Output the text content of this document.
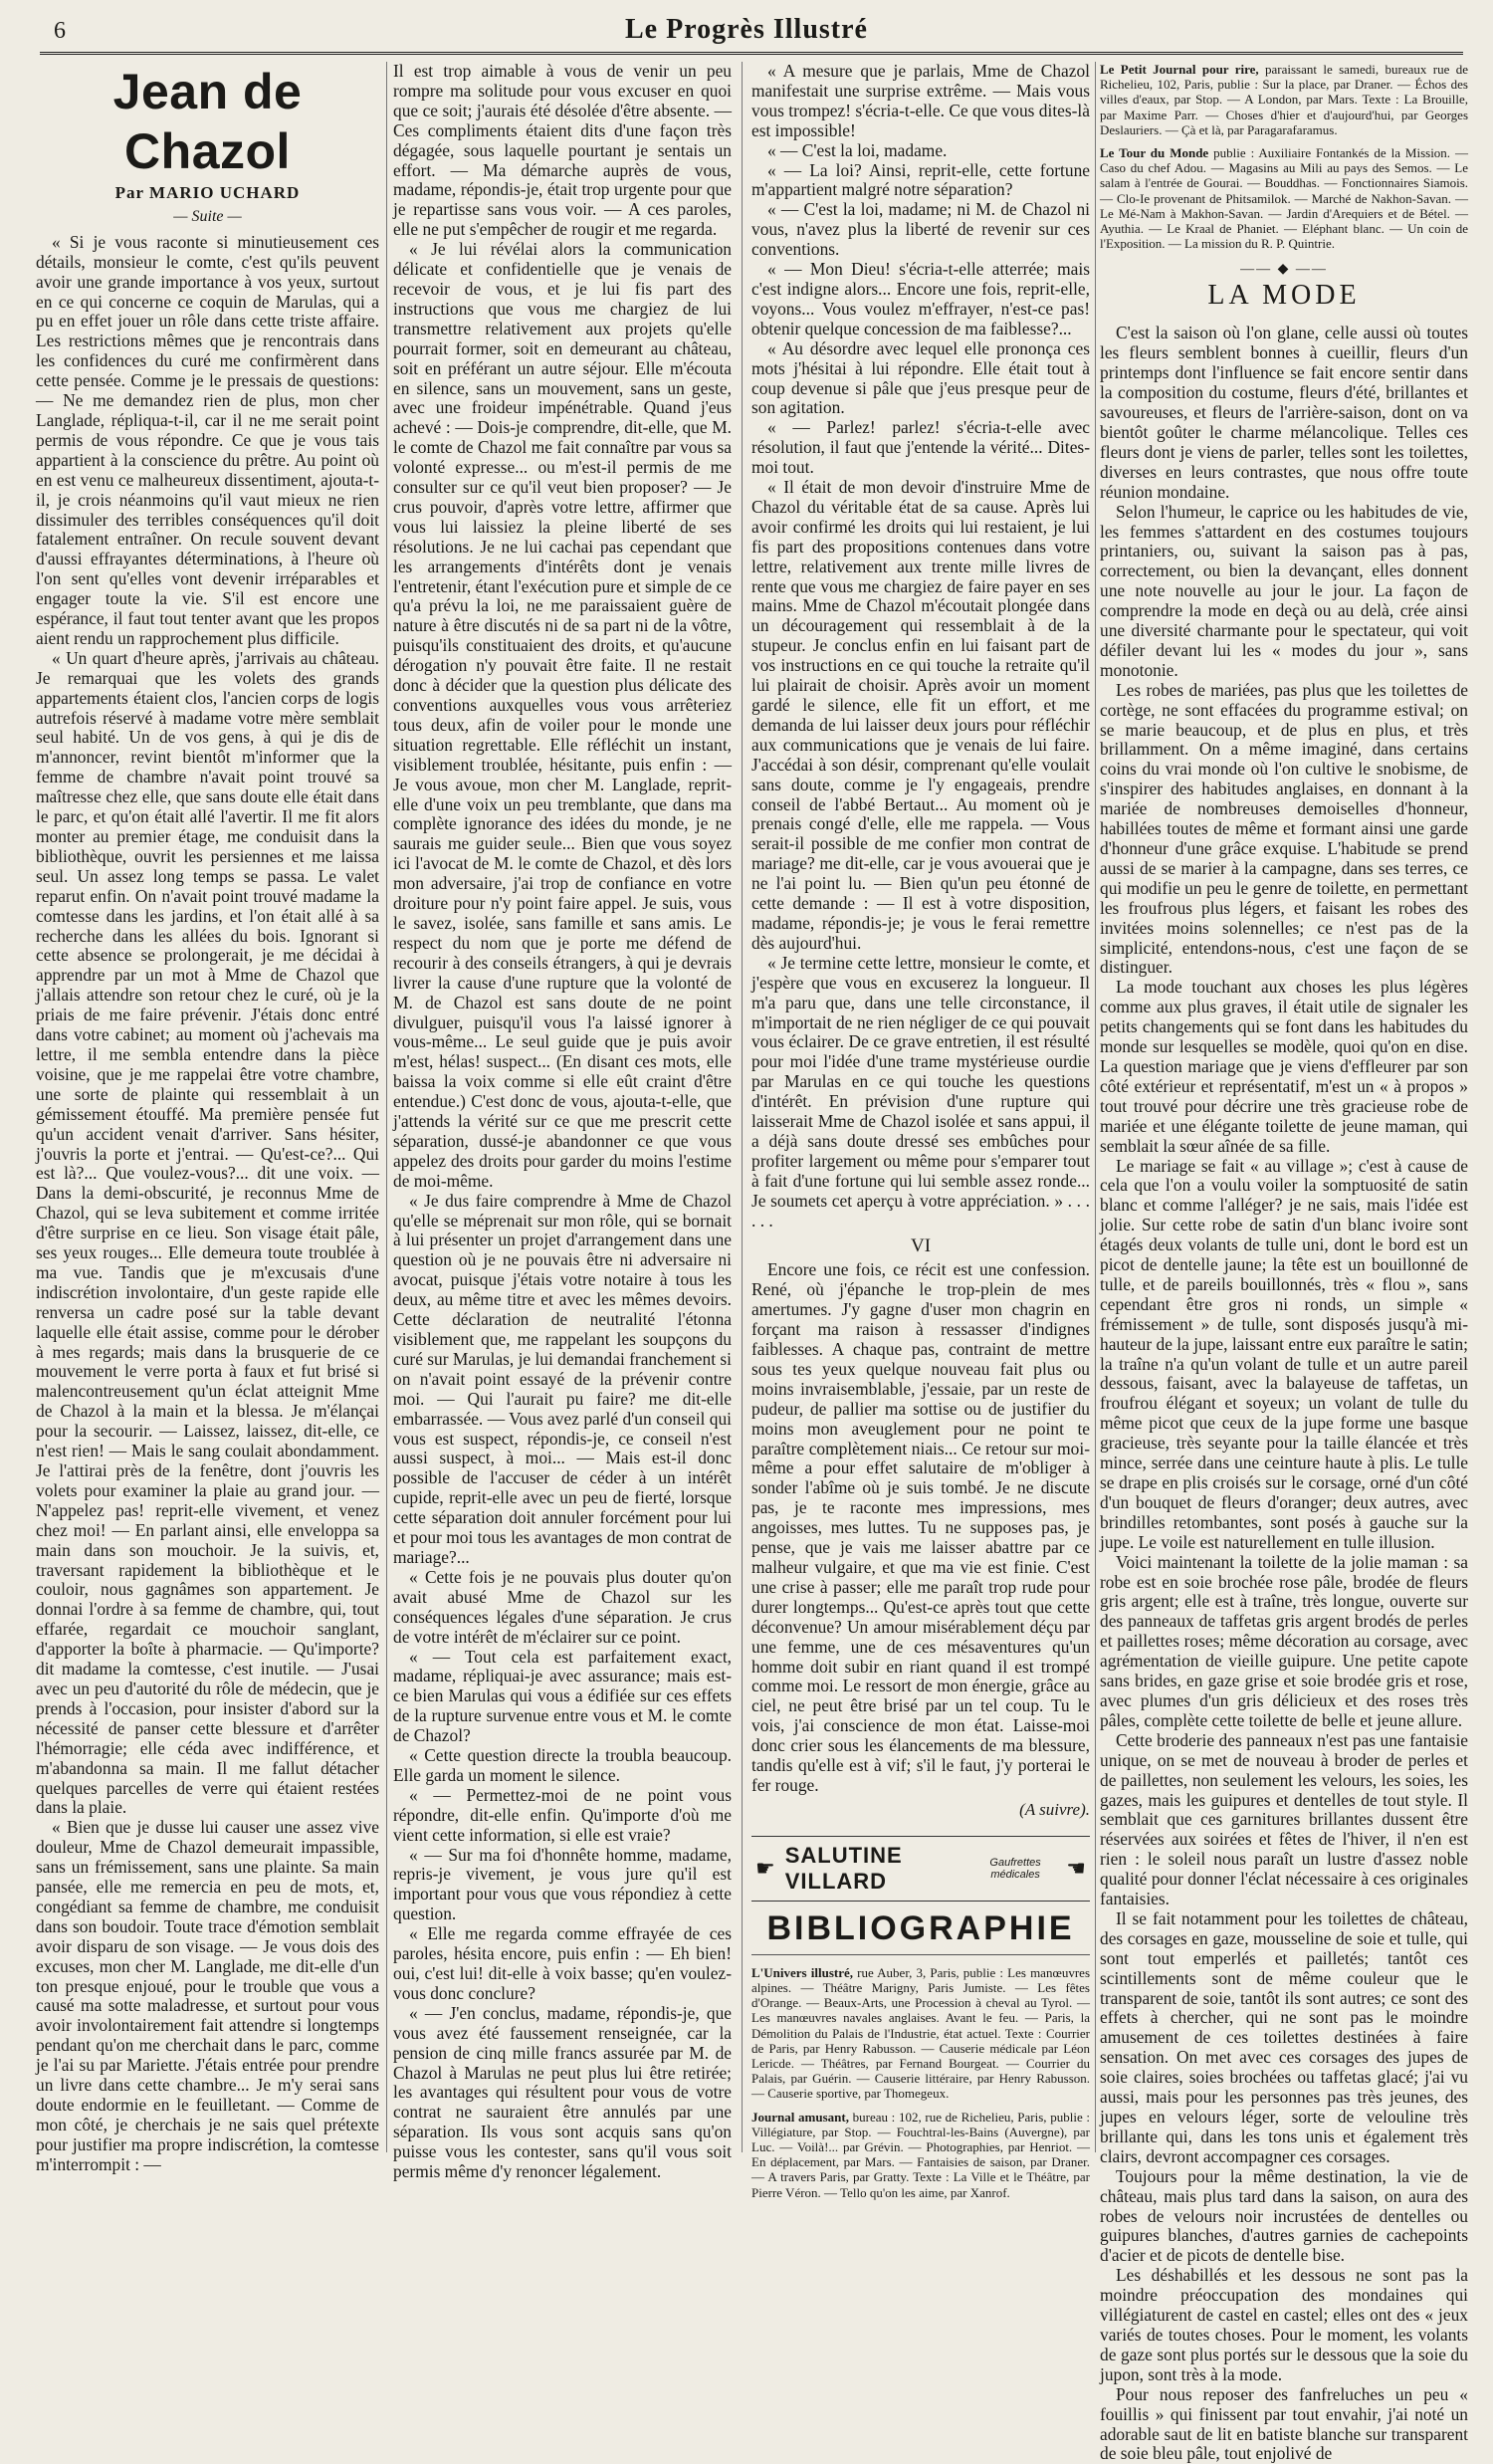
6	Le Progrès Illustré
Jean de Chazol

Par MARIO UCHARD

— Suite —

« Si je vous raconte si minutieusement ces détails, monsieur le comte, c'est qu'ils peuvent avoir une grande importance à vos yeux, surtout en ce qui concerne ce coquin de Marulas, qui a pu en effet jouer un rôle dans cette triste affaire. Les restrictions mêmes que je rencontrais dans les confidences du curé me confirmèrent dans cette pensée. Comme je le pressais de questions: — Ne me demandez rien de plus, mon cher Langlade, répliqua-t-il, car il ne me serait point permis de vous répondre. Ce que je vous tais appartient à la conscience du prêtre. Au point où en est venu ce malheureux dissentiment, ajouta-t-il, je crois néanmoins qu'il vaut mieux ne rien dissimuler des terribles conséquences qu'il doit fatalement entraîner. On recule souvent devant d'aussi effrayantes déterminations, à l'heure où l'on sent qu'elles vont devenir irréparables et engager toute la vie. S'il est encore une espérance, il faut tout tenter avant que les propos aient rendu un rapprochement plus difficile.

« Un quart d'heure après, j'arrivais au château. Je remarquai que les volets des grands appartements étaient clos, l'ancien corps de logis autrefois réservé à madame votre mère semblait seul habité. Un de vos gens, à qui je dis de m'annoncer, revint bientôt m'informer que la femme de chambre n'avait point trouvé sa maîtresse chez elle, que sans doute elle était dans le parc, et qu'on était allé l'avertir. Il me fit alors monter au premier étage, me conduisit dans la bibliothèque, ouvrit les persiennes et me laissa seul. Un assez long temps se passa. Le valet reparut enfin. On n'avait point trouvé madame la comtesse dans les jardins, et l'on était allé à sa recherche dans les allées du bois. Ignorant si cette absence se prolongerait, je me décidai à apprendre par un mot à Mme de Chazol que j'allais attendre son retour chez le curé, où je la priais de me faire prévenir. J'étais donc entré dans votre cabinet; au moment où j'achevais ma lettre, il me sembla entendre dans la pièce voisine, que je me rappelai être votre chambre, une sorte de plainte qui ressemblait à un gémissement étouffé. Ma première pensée fut qu'un accident venait d'arriver. Sans hésiter, j'ouvris la porte et j'entrai. — Qu'est-ce?... Qui est là?... Que voulez-vous?... dit une voix. — Dans la demi-obscurité, je reconnus Mme de Chazol, qui se leva subitement et comme irritée d'être surprise en ce lieu. Son visage était pâle, ses yeux rouges... Elle demeura toute troublée à ma vue. Tandis que je m'excusais d'une indiscrétion involontaire, d'un geste rapide elle renversa un cadre posé sur la table devant laquelle elle était assise, comme pour le dérober à mes regards; mais dans la brusquerie de ce mouvement le verre porta à faux et fut brisé si malencontreusement qu'un éclat atteignit Mme de Chazol à la main et la blessa. Je m'élançai pour la secourir. — Laissez, laissez, dit-elle, ce n'est rien! — Mais le sang coulait abondamment. Je l'attirai près de la fenêtre, dont j'ouvris les volets pour examiner la plaie au grand jour. — N'appelez pas! reprit-elle vivement, et venez chez moi! — En parlant ainsi, elle enveloppa sa main dans son mouchoir. Je la suivis, et, traversant rapidement la bibliothèque et le couloir, nous gagnâmes son appartement. Je donnai l'ordre à sa femme de chambre, qui, tout effarée, regardait ce mouchoir sanglant, d'apporter la boîte à pharmacie. — Qu'importe? dit madame la comtesse, c'est inutile. — J'usai avec un peu d'autorité du rôle de médecin, que je prends à l'occasion, pour insister d'abord sur la nécessité de panser cette blessure et d'arrêter l'hémorragie; elle céda avec indifférence, et m'abandonna sa main. Il me fallut détacher quelques parcelles de verre qui étaient restées dans la plaie.

« Bien que je dusse lui causer une assez vive douleur, Mme de Chazol demeurait impassible, sans un frémissement, sans une plainte. Sa main pansée, elle me remercia en peu de mots, et, congédiant sa femme de chambre, me conduisit dans son boudoir. Toute trace d'émotion semblait avoir disparu de son visage. — Je vous dois des excuses, mon cher M. Langlade, me dit-elle d'un ton presque enjoué, pour le trouble que vous a causé ma sotte maladresse, et surtout pour vous avoir involontairement fait attendre si longtemps pendant qu'on me cherchait dans le parc, comme je l'ai su par Mariette. J'étais entrée pour prendre un livre dans cette chambre... Je m'y serai sans doute endormie en le feuilletant. — Comme de mon côté, je cherchais je ne sais quel prétexte pour justifier ma propre indiscrétion, la comtesse m'interrompit : —

Il est trop aimable à vous de venir un peu rompre ma solitude pour vous excuser en quoi que ce soit; j'aurais été désolée d'être absente. — Ces compliments étaient dits d'une façon très dégagée, sous laquelle pourtant je sentais un effort. — Ma démarche auprès de vous, madame, répondis-je, était trop urgente pour que je repartisse sans vous voir. — A ces paroles, elle ne put s'empêcher de rougir et me regarda.

« Je lui révélai alors la communication délicate et confidentielle que je venais de recevoir de vous, et je lui fis part des instructions que vous me chargiez de lui transmettre relativement aux projets qu'elle pourrait former, soit en demeurant au château, soit en préférant un autre séjour. Elle m'écouta en silence, sans un mouvement, sans un geste, avec une froideur impénétrable. Quand j'eus achevé : — Dois-je comprendre, dit-elle, que M. le comte de Chazol me fait connaître par vous sa volonté expresse... ou m'est-il permis de me consulter sur ce qu'il veut bien proposer? — Je crus pouvoir, d'après votre lettre, affirmer que vous lui laissiez la pleine liberté de ses résolutions. Je ne lui cachai pas cependant que les arrangements d'intérêts dont je venais l'entretenir, étant l'exécution pure et simple de ce qu'a prévu la loi, ne me paraissaient guère de nature à être discutés ni de sa part ni de la vôtre, puisqu'ils constituaient des droits, et qu'aucune dérogation n'y pouvait être faite. Il ne restait donc à décider que la question plus délicate des conventions auxquelles vous vous arrêteriez tous deux, afin de voiler pour le monde une situation regrettable. Elle réfléchit un instant, visiblement troublée, hésitante, puis enfin : — Je vous avoue, mon cher M. Langlade, reprit-elle d'une voix un peu tremblante, que dans ma complète ignorance des idées du monde, je ne saurais me guider seule... Bien que vous soyez ici l'avocat de M. le comte de Chazol, et dès lors mon adversaire, j'ai trop de confiance en votre droiture pour n'y point faire appel. Je suis, vous le savez, isolée, sans famille et sans amis. Le respect du nom que je porte me défend de recourir à des conseils étrangers, à qui je devrais livrer la cause d'une rupture que la volonté de M. de Chazol est sans doute de ne point divulguer, puisqu'il vous l'a laissé ignorer à vous-même... Le seul guide que je puis avoir m'est, hélas! suspect... (En disant ces mots, elle baissa la voix comme si elle eût craint d'être entendue.) C'est donc de vous, ajouta-t-elle, que j'attends la vérité sur ce que me prescrit cette séparation, dussé-je abandonner ce que vous appelez des droits pour garder du moins l'estime de moi-même.

« Je dus faire comprendre à Mme de Chazol qu'elle se méprenait sur mon rôle, qui se bornait à lui présenter un projet d'arrangement dans une question où je ne pouvais être ni adversaire ni avocat, puisque j'étais votre notaire à tous les deux, au même titre et avec les mêmes devoirs. Cette déclaration de neutralité l'étonna visiblement que, me rappelant les soupçons du curé sur Marulas, je lui demandai franchement si on n'avait point essayé de la prévenir contre moi. — Qui l'aurait pu faire? me dit-elle embarrassée. — Vous avez parlé d'un conseil qui vous est suspect, répondis-je, ce conseil n'est aussi suspect, à moi... — Mais est-il donc possible de l'accuser de céder à un intérêt cupide, reprit-elle avec un peu de fierté, lorsque cette séparation doit annuler forcément pour lui et pour moi tous les avantages de mon contrat de mariage?...

« Cette fois je ne pouvais plus douter qu'on avait abusé Mme de Chazol sur les conséquences légales d'une séparation. Je crus de votre intérêt de m'éclairer sur ce point.

« — Tout cela est parfaitement exact, madame, répliquai-je avec assurance; mais est-ce bien Marulas qui vous a édifiée sur ces effets de la rupture survenue entre vous et M. le comte de Chazol?

« Cette question directe la troubla beaucoup. Elle garda un moment le silence.

« — Permettez-moi de ne point vous répondre, dit-elle enfin. Qu'importe d'où me vient cette information, si elle est vraie?

« — Sur ma foi d'honnête homme, madame, repris-je vivement, je vous jure qu'il est important pour vous que vous répondiez à cette question.

« Elle me regarda comme effrayée de ces paroles, hésita encore, puis enfin : — Eh bien! oui, c'est lui! dit-elle à voix basse; qu'en voulez-vous donc conclure?

« — J'en conclus, madame, répondis-je, que vous avez été faussement renseignée, car la pension de cinq mille francs assurée par M. de Chazol à Marulas ne peut plus lui être retirée; les avantages qui résultent pour vous de votre contrat ne sauraient être annulés par une séparation. Ils vous sont acquis sans qu'on puisse vous les contester, sans qu'il vous soit permis même d'y renoncer légalement.

« A mesure que je parlais, Mme de Chazol manifestait une surprise extrême. — Mais vous vous trompez! s'écria-t-elle. Ce que vous dites-là est impossible!

« — C'est la loi, madame.

« — La loi? Ainsi, reprit-elle, cette fortune m'appartient malgré notre séparation?

« — C'est la loi, madame; ni M. de Chazol ni vous, n'avez plus la liberté de revenir sur ces conventions.

« — Mon Dieu! s'écria-t-elle atterrée; mais c'est indigne alors... Encore une fois, reprit-elle, voyons... Vous voulez m'effrayer, n'est-ce pas! obtenir quelque concession de ma faiblesse?...

« Au désordre avec lequel elle prononça ces mots j'hésitai à lui répondre. Elle était tout à coup devenue si pâle que j'eus presque peur de son agitation.

« — Parlez! parlez! s'écria-t-elle avec résolution, il faut que j'entende la vérité... Dites-moi tout.

« Il était de mon devoir d'instruire Mme de Chazol du véritable état de sa cause. Après lui avoir confirmé les droits qui lui restaient, je lui fis part des propositions contenues dans votre lettre, relativement aux trente mille livres de rente que vous me chargiez de faire payer en ses mains. Mme de Chazol m'écoutait plongée dans un découragement qui ressemblait à de la stupeur. Je conclus enfin en lui faisant part de vos instructions en ce qui touche la retraite qu'il lui plairait de choisir. Après avoir un moment gardé le silence, elle fit un effort, et me demanda de lui laisser deux jours pour réfléchir aux communications que je venais de lui faire. J'accédai à son désir, comprenant qu'elle voulait sans doute, comme je l'y engageais, prendre conseil de l'abbé Bertaut... Au moment où je prenais congé d'elle, elle me rappela. — Vous serait-il possible de me confier mon contrat de mariage? me dit-elle, car je vous avouerai que je ne l'ai point lu. — Bien qu'un peu étonné de cette demande : — Il est à votre disposition, madame, répondis-je; je vous le ferai remettre dès aujourd'hui.

« Je termine cette lettre, monsieur le comte, et j'espère que vous en excuserez la longueur. Il m'a paru que, dans une telle circonstance, il m'importait de ne rien négliger de ce qui pouvait vous éclairer. De ce grave entretien, il est résulté pour moi l'idée d'une trame mystérieuse ourdie par Marulas en ce qui touche les questions d'intérêt. En prévision d'une rupture qui laisserait Mme de Chazol isolée et sans appui, il a déjà sans doute dressé ses embûches pour profiter largement ou même pour s'emparer tout à fait d'une fortune qui lui semble assez ronde... Je soumets cet aperçu à votre appréciation. » . . . . . .

VI

Encore une fois, ce récit est une confession. René, où j'épanche le trop-plein de mes amertumes. J'y gagne d'user mon chagrin en forçant ma raison à ressasser d'indignes faiblesses. A chaque pas, contraint de mettre sous tes yeux quelque nouveau fait plus ou moins invraisemblable, j'essaie, par un reste de pudeur, de pallier ma sottise ou de justifier du moins mon aveuglement pour ne point te paraître complètement niais... Ce retour sur moi-même a pour effet salutaire de m'obliger à sonder l'abîme où je suis tombé. Je ne discute pas, je te raconte mes impressions, mes angoisses, mes luttes. Tu ne supposes pas, je pense, que je vais me laisser abattre par ce malheur vulgaire, et que ma vie est finie. C'est une crise à passer; elle me paraît trop rude pour durer longtemps... Qu'est-ce après tout que cette déconvenue? Un amour misérablement déçu par une femme, une de ces mésaventures qu'un homme doit subir en riant quand il est trompé comme moi. Le ressort de mon énergie, grâce au ciel, ne peut être brisé par un tel coup. Tu le vois, j'ai conscience de mon état. Laisse-moi donc crier sous les élancements de ma blessure, tandis qu'elle est à vif; s'il le faut, j'y porterai le fer rouge.

(A suivre).

☛
SALUTINE VILLARD
Gaufrettes médicales	☚
BIBLIOGRAPHIE

L'Univers illustré, rue Auber, 3, Paris, publie : Les manœuvres alpines. — Théâtre Marigny, Paris Jumiste. — Les fêtes d'Orange. — Beaux-Arts, une Procession à cheval au Tyrol. — Les manœuvres navales anglaises. Avant le feu. — Paris, la Démolition du Palais de l'Industrie, état actuel. Texte : Courrier de Paris, par Henry Rabusson. — Causerie médicale par Léon Lericde. — Théâtres, par Fernand Bourgeat. — Courrier du Palais, par Guérin. — Causerie littéraire, par Henry Rabusson. — Causerie sportive, par Thomegeux.

Journal amusant, bureau : 102, rue de Richelieu, Paris, publie : Villégiature, par Stop. — Fouchtral-les-Bains (Auvergne), par Luc. — Voilà!... par Grévin. — Photographies, par Henriot. — En déplacement, par Mars. — Fantaisies de saison, par Draner. — A travers Paris, par Gratty. Texte : La Ville et le Théâtre, par Pierre Véron. — Tello qu'on les aime, par Xanrof.

Le Petit Journal pour rire, paraissant le samedi, bureaux rue de Richelieu, 102, Paris, publie : Sur la place, par Draner. — Échos des villes d'eaux, par Stop. — A London, par Mars. Texte : La Brouille, par Maxime Parr. — Choses d'hier et d'aujourd'hui, par Georges Deslauriers. — Çà et là, par Paragarafaramus.

Le Tour du Monde publie : Auxiliaire Fontankés de la Mission. — Caso du chef Adou. — Magasins au Mili au pays des Semos. — Le salam à l'entrée de Gourai. — Bouddhas. — Fonctionnaires Siamois. — Clo-Ie provenant de Phitsamilok. — Marché de Nakhon-Savan. — Le Mé-Nam à Makhon-Savan. — Jardin d'Arequiers et de Bétel. — Ayuthia. — Le Kraal de Phaniet. — Eléphant blanc. — Un coin de l'Exposition. — La mission du R. P. Quintrie.

—— ◆ ——
LA MODE

C'est la saison où l'on glane, celle aussi où toutes les fleurs semblent bonnes à cueillir, fleurs d'un printemps dont l'influence se fait encore sentir dans la composition du costume, fleurs d'été, brillantes et savoureuses, et fleurs de l'arrière-saison, dont on va bientôt goûter le charme mélancolique. Telles ces fleurs dont je viens de parler, telles sont les toilettes, diverses en leurs contrastes, que nous offre toute réunion mondaine.

Selon l'humeur, le caprice ou les habitudes de vie, les femmes s'attardent en des costumes toujours printaniers, ou, suivant la saison pas à pas, correctement, ou bien la devançant, elles donnent une note nouvelle au jour le jour. La façon de comprendre la mode en deçà ou au delà, crée ainsi une diversité charmante pour le spectateur, qui voit défiler devant lui les « modes du jour », sans monotonie.

Les robes de mariées, pas plus que les toilettes de cortège, ne sont effacées du programme estival; on se marie beaucoup, et de plus en plus, et très brillamment. On a même imaginé, dans certains coins du vrai monde où l'on cultive le snobisme, de s'inspirer des habitudes anglaises, en donnant à la mariée de nombreuses demoiselles d'honneur, habillées toutes de même et formant ainsi une garde d'honneur d'une grâce exquise. L'habitude se prend aussi de se marier à la campagne, dans ses terres, ce qui modifie un peu le genre de toilette, en permettant les froufrous plus légers, et faisant les robes des invitées moins solennelles; ce n'est pas de la simplicité, entendons-nous, c'est une façon de se distinguer.

La mode touchant aux choses les plus légères comme aux plus graves, il était utile de signaler les petits changements qui se font dans les habitudes du monde sur lesquelles se modèle, quoi qu'on en dise. La question mariage que je viens d'effleurer par son côté extérieur et représentatif, m'est un « à propos » tout trouvé pour décrire une très gracieuse robe de mariée et une élégante toilette de jeune maman, qui semblait la sœur aînée de sa fille.

Le mariage se fait « au village »; c'est à cause de cela que l'on a voulu voiler la somptuosité de satin blanc et comme l'alléger? je ne sais, mais l'idée est jolie. Sur cette robe de satin d'un blanc ivoire sont étagés deux volants de tulle uni, dont le bord est un picot de dentelle jaune; la tête est un bouillonné de tulle, et de pareils bouillonnés, très « flou », sans cependant être gros ni ronds, un simple « frémissement » de tulle, sont disposés jusqu'à mi-hauteur de la jupe, laissant entre eux paraître le satin; la traîne n'a qu'un volant de tulle et un autre pareil dessous, faisant, avec la balayeuse de taffetas, un froufrou élégant et soyeux; un volant de tulle du même picot que ceux de la jupe forme une basque gracieuse, très seyante pour la taille élancée et très mince, serrée dans une ceinture haute à plis. Le tulle se drape en plis croisés sur le corsage, orné d'un côté d'un bouquet de fleurs d'oranger; deux autres, avec brindilles retombantes, sont posés à gauche sur la jupe. Le voile est naturellement en tulle illusion.

Voici maintenant la toilette de la jolie maman : sa robe est en soie brochée rose pâle, brodée de fleurs gris argent; elle est à traîne, très longue, ouverte sur des panneaux de taffetas gris argent brodés de perles et paillettes roses; même décoration au corsage, avec agrémentation de vieille guipure. Une petite capote sans brides, en gaze grise et soie brodée gris et rose, avec plumes d'un gris délicieux et des roses très pâles, complète cette toilette de belle et jeune allure.

Cette broderie des panneaux n'est pas une fantaisie unique, on se met de nouveau à broder de perles et de paillettes, non seulement les velours, les soies, les gazes, mais les guipures et dentelles de tout style. Il semblait que ces garnitures brillantes dussent être réservées aux soirées et fêtes de l'hiver, il n'en est rien : le soleil nous paraît un lustre d'assez noble qualité pour donner l'éclat nécessaire à ces originales fantaisies.

Il se fait notamment pour les toilettes de château, des corsages en gaze, mousseline de soie et tulle, qui sont tout emperlés et pailletés; tantôt ces scintillements sont de même couleur que le transparent de soie, tantôt ils sont autres; ce sont des effets à chercher, qui ne sont pas le moindre amusement de ces toilettes destinées à faire sensation. On met avec ces corsages des jupes de soie claires, soies brochées ou taffetas glacé; j'ai vu aussi, mais pour les personnes pas très jeunes, des jupes en velours léger, sorte de velouline très brillante qui, dans les tons unis et également très clairs, devront accompagner ces corsages.

Toujours pour la même destination, la vie de château, mais plus tard dans la saison, on aura des robes de velours noir incrustées de dentelles ou guipures blanches, d'autres garnies de cachepoints d'acier et de picots de dentelle bise.

Les déshabillés et les dessous ne sont pas la moindre préoccupation des mondaines qui villégiaturent de castel en castel; elles ont des « jeux variés de toutes choses. Pour le moment, les volants de gaze sont plus portés sur le dessous que la soie du jupon, sont très à la mode.

Pour nous reposer des fanfreluches un peu « fouillis » qui finissent par tout envahir, j'ai noté un adorable saut de lit en batiste blanche sur transparent de soie bleu pâle, tout enjolivé de
